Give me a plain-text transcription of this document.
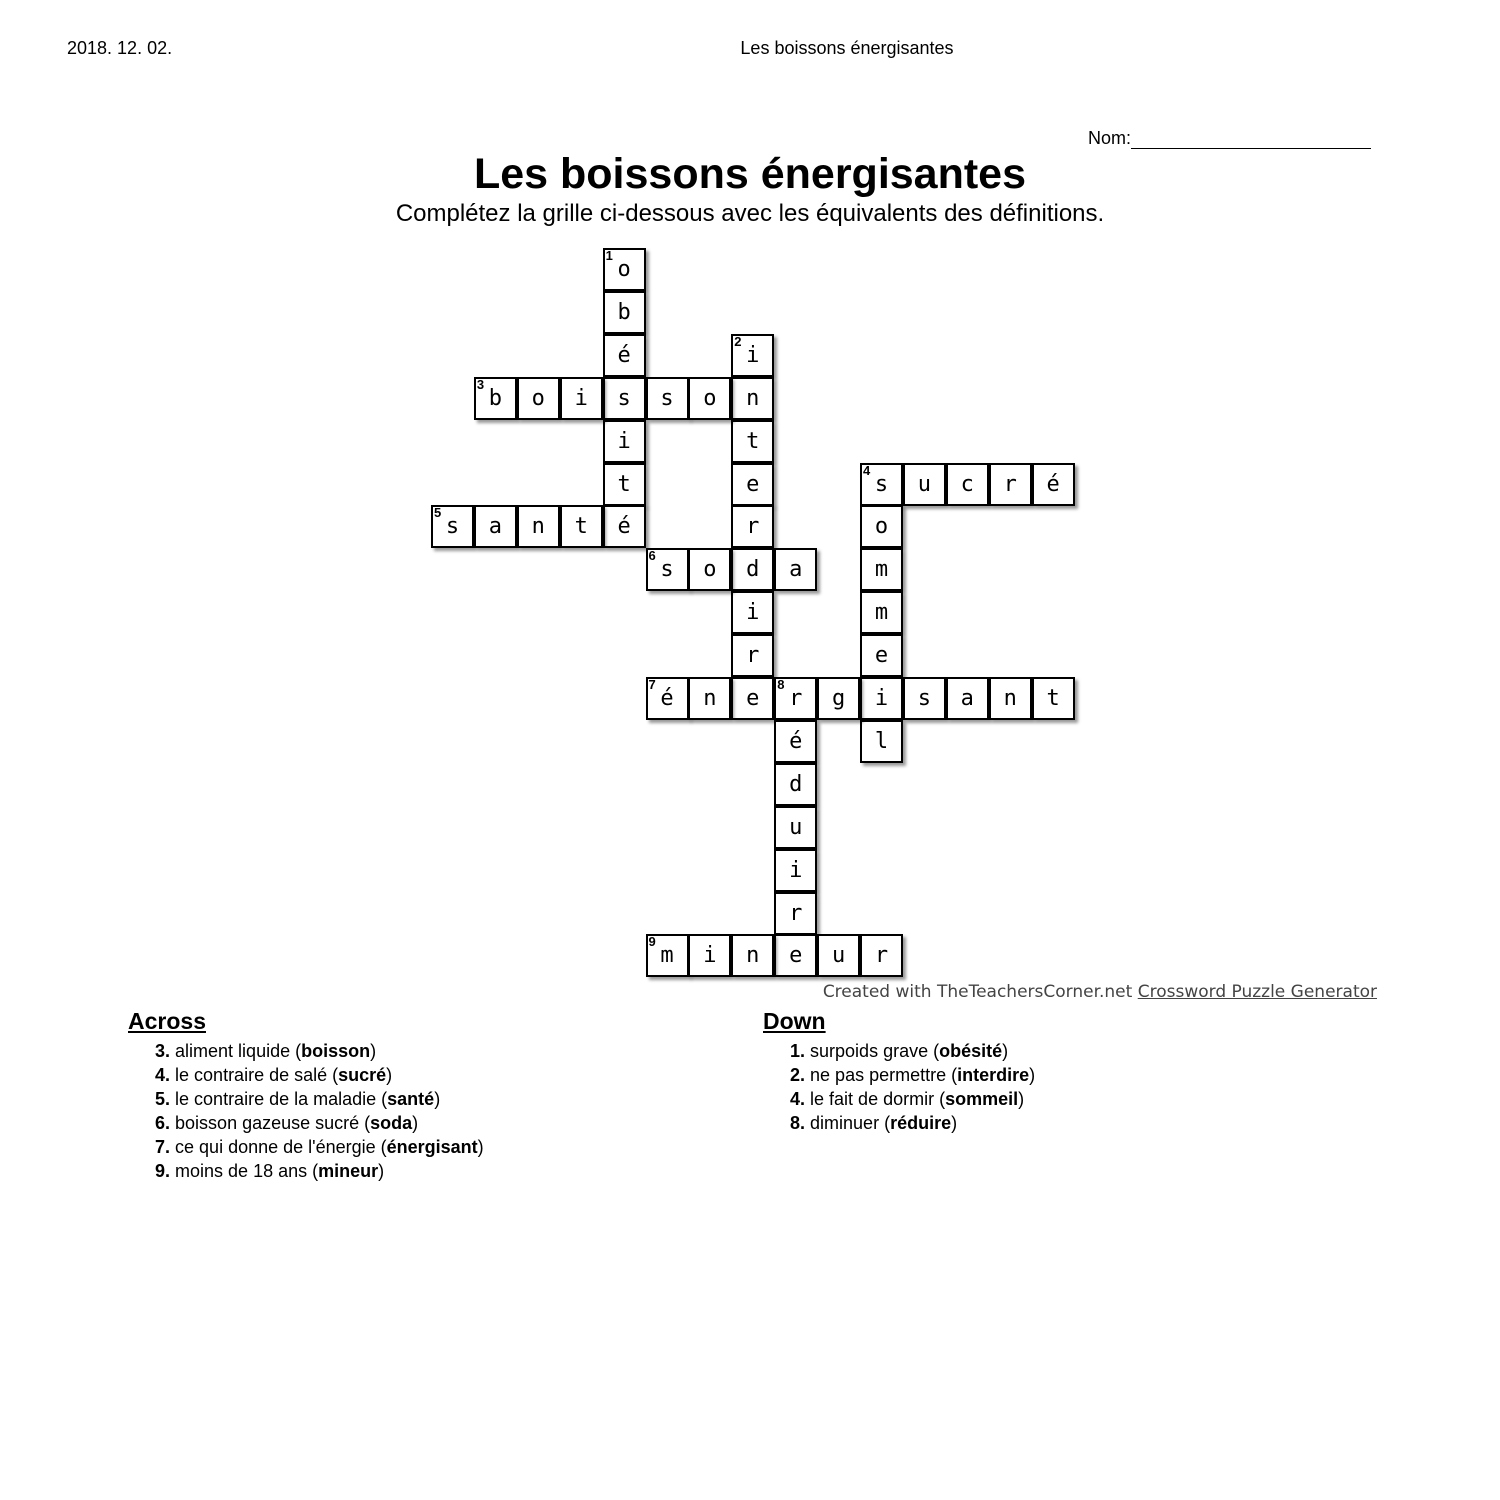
2018. 12. 02.	Les boissons énergisantes
Nom:
Les boissons énergisantes
Complétez la grille ci-dessous avec les équivalents des définitions.
1
o
b
é
s
i
t
é
2
i
n
t
e
r
d
i
r
e
3
b	o	i	s	o
4
s	u	c	r	é
o
m
m
e
i
l
5
s	a	n	t
6
s	o	a
7
é	n
8
r	g	s	a	n	t
é
d
u
i
r
e
9
m	i	n	u	r
Created with TheTeachersCorner.net Crossword Puzzle Generator
Across
3. aliment liquide (boisson)
4. le contraire de salé (sucré)
5. le contraire de la maladie (santé)
6. boisson gazeuse sucré (soda)
7. ce qui donne de l'énergie (énergisant)
9. moins de 18 ans (mineur)
Down
1. surpoids grave (obésité)
2. ne pas permettre (interdire)
4. le fait de dormir (sommeil)
8. diminuer (réduire)
